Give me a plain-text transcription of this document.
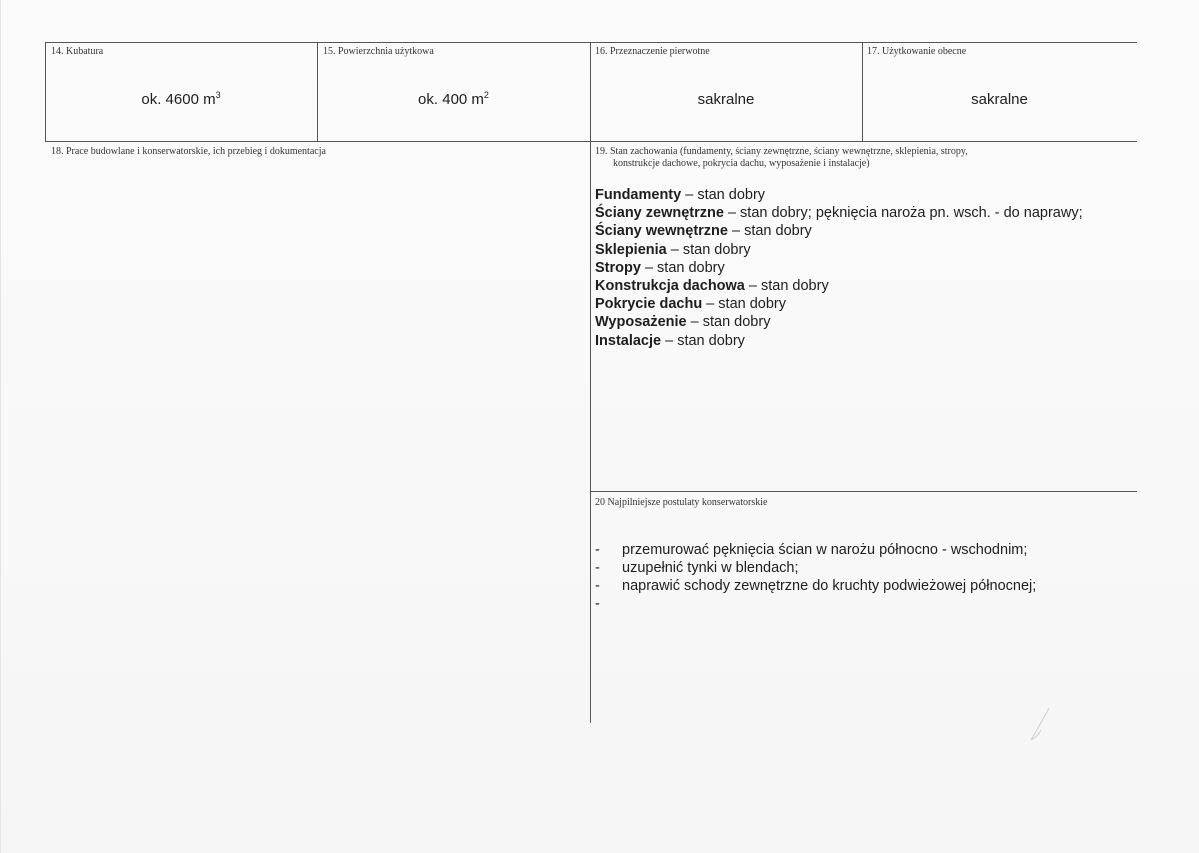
14. Kubatura	15. Powierzchnia użytkowa	16. Przeznaczenie pierwotne	17. Użytkowanie obecne
ok. 4600 $m^3$	ok. 400 $m^2$	sakralne	sakralne
18. Prace budowlane i konserwatorskie, ich przebieg i dokumentacja	19. Stan zachowania (fundamenty, ściany zewnętrzne, ściany wewnętrzne, sklepienia, stropy,
konstrukcje dachowe, pokrycia dachu, wyposażenie i instalacje)
Fundamenty – stan dobry
Ściany zewnętrzne – stan dobry; pęknięcia naroża pn. wsch. - do naprawy;
Ściany wewnętrzne – stan dobry
Sklepienia – stan dobry
Stropy – stan dobry
Konstrukcja dachowa – stan dobry
Pokrycie dachu – stan dobry
Wyposażenie – stan dobry
Instalacje – stan dobry
20 Najpilniejsze postulaty konserwatorskie
- przemurować pęknięcia ścian w narożu północno - wschodnim;
- uzupełnić tynki w blendach;
- naprawić schody zewnętrzne do kruchty podwieżowej północnej;
-
